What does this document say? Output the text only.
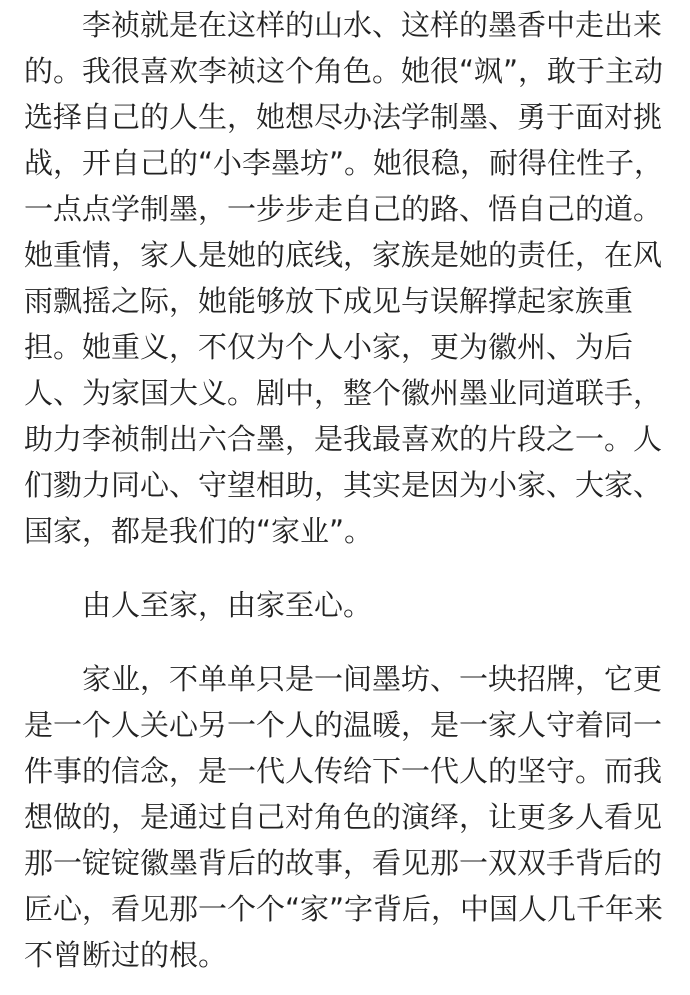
李祯就是在这样的山水、这样的墨香中走出来
的。我很喜欢李祯这个角色。她很“飒”，敢于主动
选择自己的人生，她想尽办法学制墨、勇于面对挑
战，开自己的“小李墨坊”。她很稳，耐得住性子，
一点点学制墨，一步步走自己的路、悟自己的道。
她重情，家人是她的底线，家族是她的责任，在风
雨飘摇之际，她能够放下成见与误解撑起家族重
担。她重义，不仅为个人小家，更为徽州、为后
人、为家国大义。剧中，整个徽州墨业同道联手，
助力李祯制出六合墨，是我最喜欢的片段之一。人
们勠力同心、守望相助，其实是因为小家、大家、
国家，都是我们的“家业”。
由人至家，由家至心。
家业，不单单只是一间墨坊、一块招牌，它更
是一个人关心另一个人的温暖，是一家人守着同一
件事的信念，是一代人传给下一代人的坚守。而我
想做的，是通过自己对角色的演绎，让更多人看见
那一锭锭徽墨背后的故事，看见那一双双手背后的
匠心，看见那一个个“家”字背后，中国人几千年来
不曾断过的根。
